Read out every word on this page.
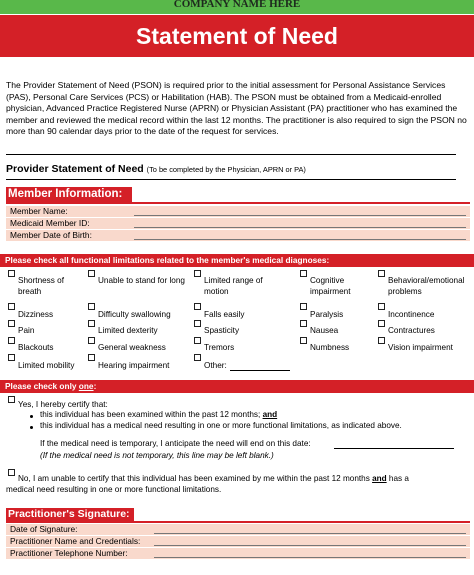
COMPANY NAME HERE
Statement of Need
The Provider Statement of Need (PSON) is required prior to the initial assessment for Personal Assistance Services (PAS), Personal Care Services (PCS) or Habilitation (HAB). The PSON must be obtained from a Medicaid-enrolled physician, Advanced Practice Registered Nurse (APRN) or Physician Assistant (PA) practitioner who has examined the member and reviewed the medical record within the last 12 months. The practitioner is also required to sign the PSON no more than 90 calendar days prior to the date of the request for services.
Provider Statement of Need (To be completed by the Physician, APRN or PA)
Member Information:
Member Name:
Medicaid Member ID:
Member Date of Birth:
Please check all functional limitations related to the member's medical diagnoses:
Shortness of breath
Dizziness
Pain
Blackouts
Limited mobility
Unable to stand for long
Difficulty swallowing
Limited dexterity
General weakness
Hearing impairment
Limited range of motion
Falls easily
Spasticity
Tremors
Other:
Cognitive impairment
Paralysis
Nausea
Numbness
Behavioral/emotional problems
Incontinence
Contractures
Vision impairment
Please check only one:
Yes, I hereby certify that:
this individual has been examined within the past 12 months; and
this individual has a medical need resulting in one or more functional limitations, as indicated above.
If the medical need is temporary, I anticipate the need will end on this date:
(If the medical need is not temporary, this line may be left blank.)
No, I am unable to certify that this individual has been examined by me within the past 12 months and has a
medical need resulting in one or more functional limitations.
Practitioner's Signature:
Date of Signature:
Practitioner Name and Credentials:
Practitioner Telephone Number:
